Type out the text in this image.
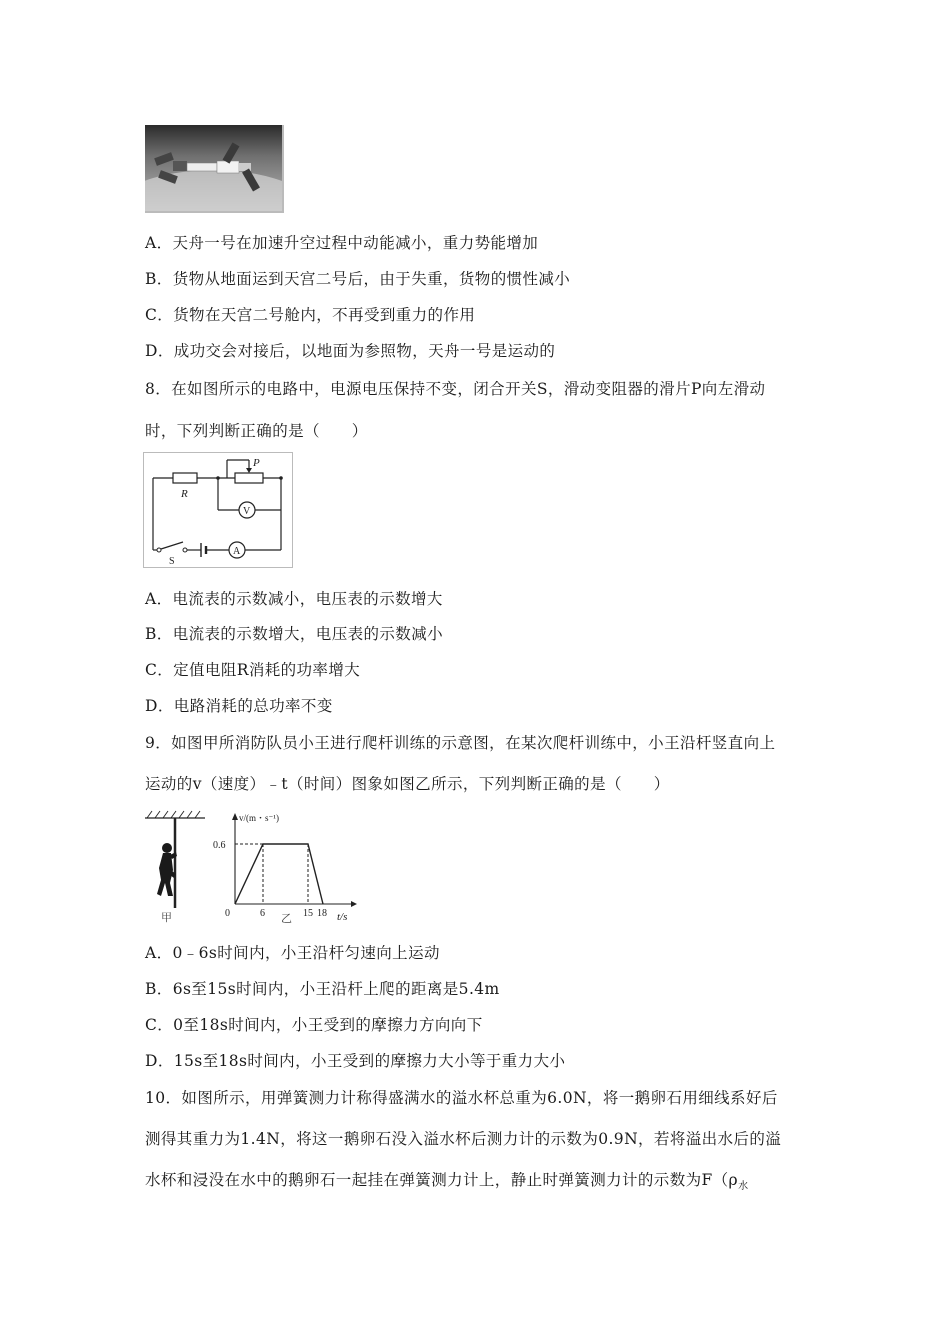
A．天舟一号在加速升空过程中动能减小，重力势能增加
B．货物从地面运到天宫二号后，由于失重，货物的惯性减小
C．货物在天宫二号舱内，不再受到重力的作用
D．成功交会对接后，以地面为参照物，天舟一号是运动的
8．在如图所示的电路中，电源电压保持不变，闭合开关S，滑动变阻器的滑片P向左滑动
时，下列判断正确的是（　　）
P
R
V
S
A
A．电流表的示数减小，电压表的示数增大
B．电流表的示数增大，电压表的示数减小
C．定值电阻R消耗的功率增大
D．电路消耗的总功率不变
9．如图甲所消防队员小王进行爬杆训练的示意图，在某次爬杆训练中，小王沿杆竖直向上
运动的v（速度）﹣t（时间）图象如图乙所示，下列判断正确的是（　　）
甲
v/(m・s⁻¹)
t/s
0.6
0	6	15 18
乙
A．0﹣6s时间内，小王沿杆匀速向上运动
B．6s至15s时间内，小王沿杆上爬的距离是5.4m
C．0至18s时间内，小王受到的摩擦力方向向下
D．15s至18s时间内，小王受到的摩擦力大小等于重力大小
10．如图所示，用弹簧测力计称得盛满水的溢水杯总重为6.0N，将一鹅卵石用细线系好后
测得其重力为1.4N，将这一鹅卵石没入溢水杯后测力计的示数为0.9N，若将溢出水后的溢
水杯和浸没在水中的鹅卵石一起挂在弹簧测力计上，静止时弹簧测力计的示数为$F(\rho_水$
